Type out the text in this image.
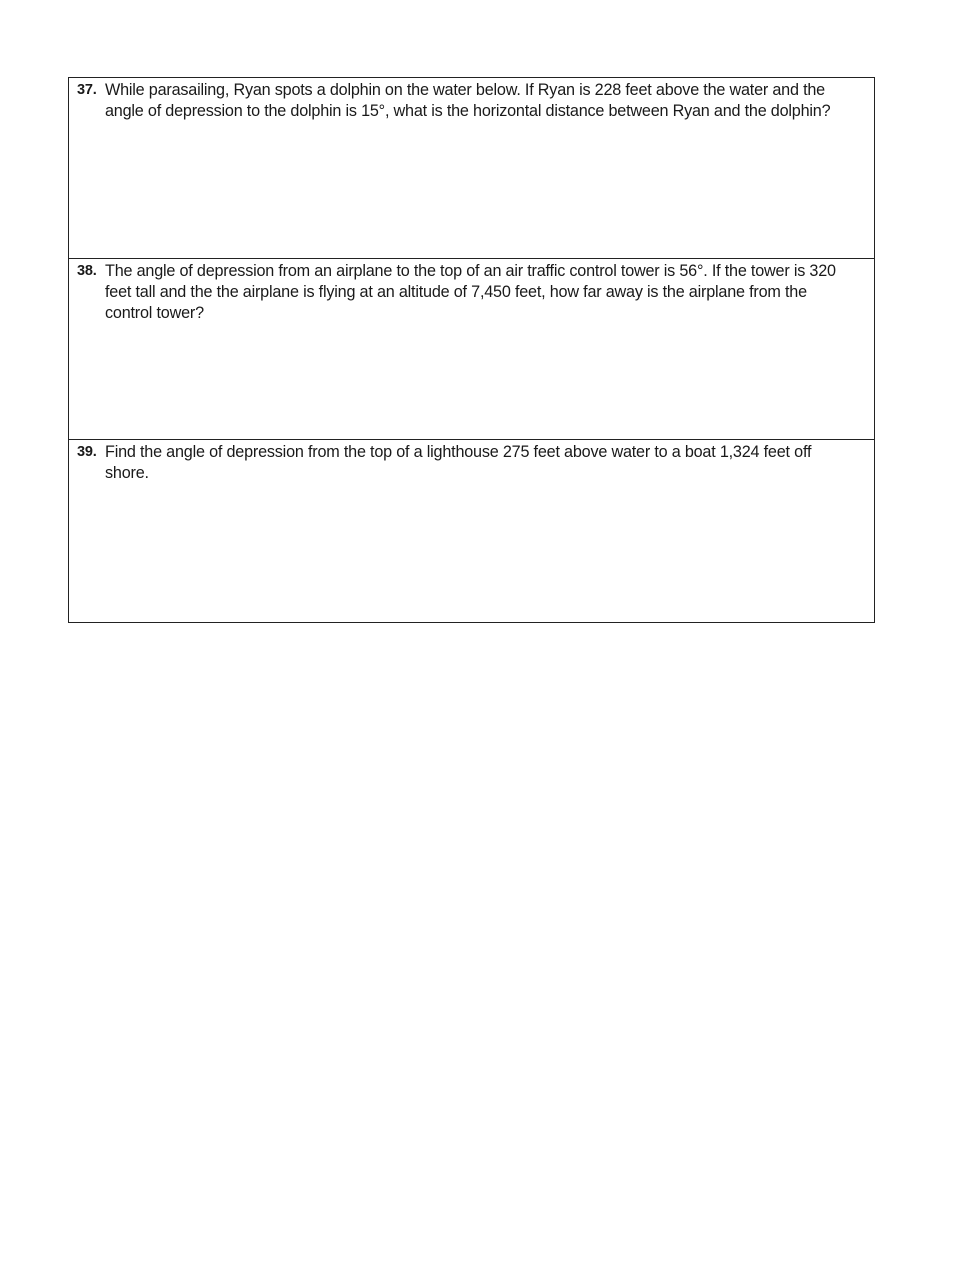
37. While parasailing, Ryan spots a dolphin on the water below. If Ryan is 228 feet above the water and the angle of depression to the dolphin is 15°, what is the horizontal distance between Ryan and the dolphin?
38. The angle of depression from an airplane to the top of an air traffic control tower is 56°. If the tower is 320 feet tall and the the airplane is flying at an altitude of 7,450 feet, how far away is the airplane from the control tower?
39. Find the angle of depression from the top of a lighthouse 275 feet above water to a boat 1,324 feet off shore.
